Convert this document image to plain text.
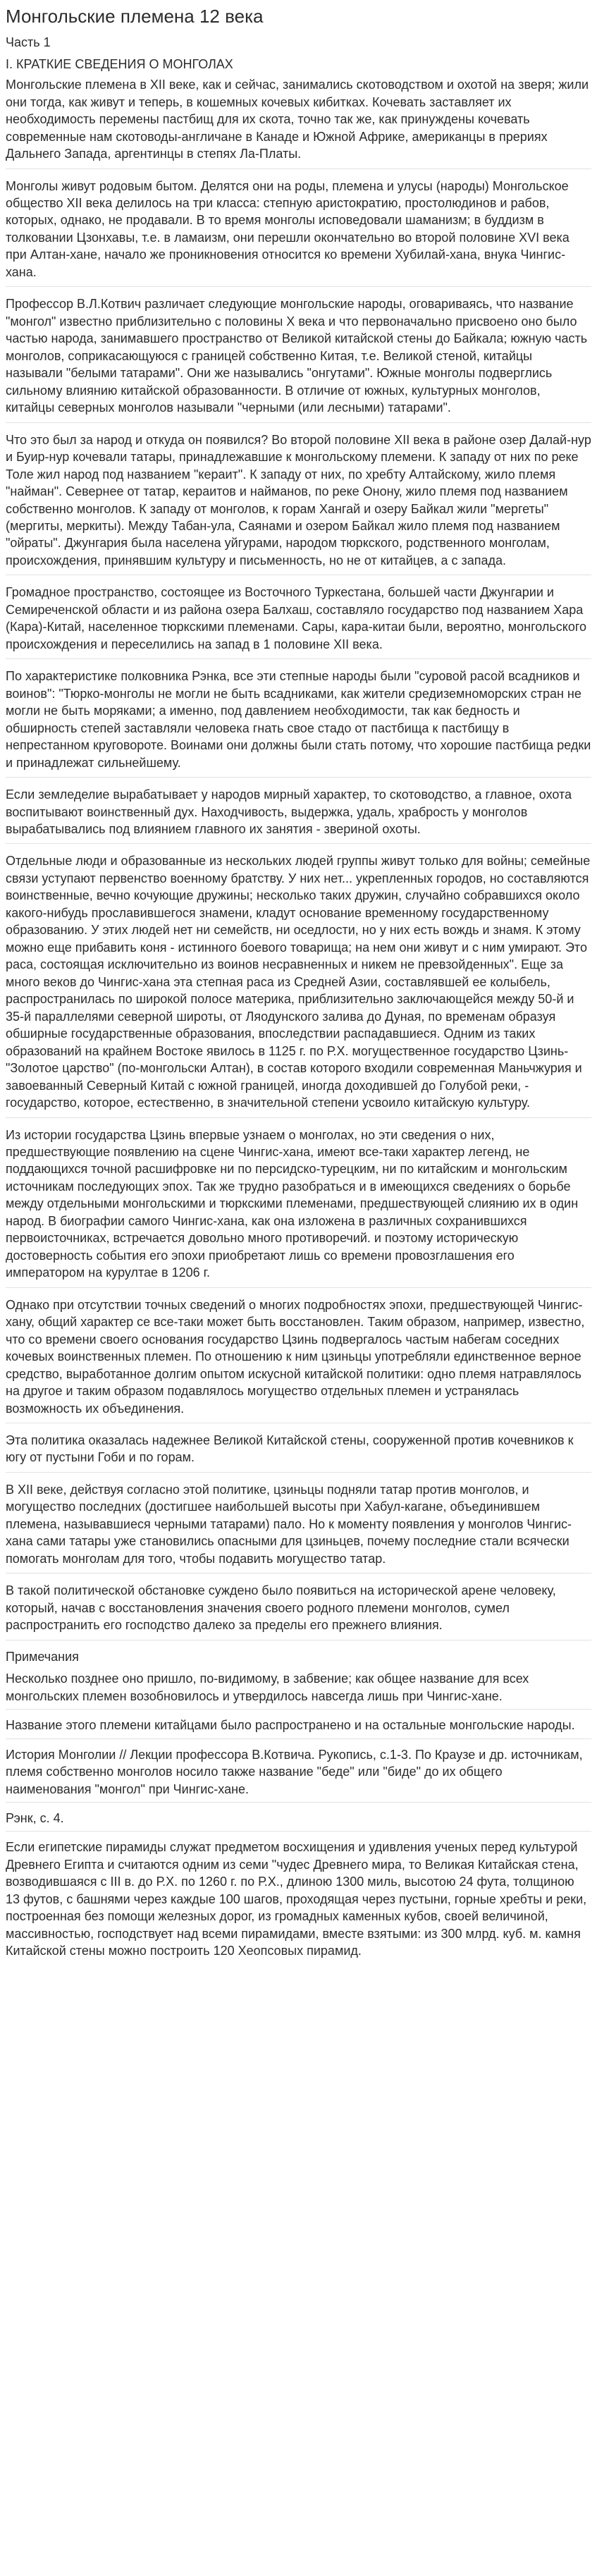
Монгольские племена 12 века
Часть 1
I. КРАТКИЕ СВЕДЕНИЯ О МОНГОЛАХ

Монгольские племена в XII веке, как и сейчас, занимались скотоводством и охотой на зверя; жили они тогда, как живут и теперь, в кошемных кочевых кибитках. Кочевать заставляет их необходимость перемены пастбищ для их скота, точно так же, как принуждены кочевать современные нам скотоводы-англичане в Канаде и Южной Африке, американцы в прериях Дальнего Запада, аргентинцы в степях Ла-Платы.

Монголы живут родовым бытом. Делятся они на роды, племена и улусы (народы) Монгольское общество XII века делилось на три класса: степную аристократию, простолюдинов и рабов, которых, однако, не продавали. В то время монголы исповедовали шаманизм; в буддизм в толковании Цзонхавы, т.е. в ламаизм, они перешли окончательно во второй половине XVI века при Алтан-хане, начало же проникновения относится ко времени Хубилай-хана, внука Чингис-хана.

Профессор В.Л.Котвич различает следующие монгольские народы, оговариваясь, что название "монгол" известно приблизительно с половины X века и что первоначально присвоено оно было частью народа, занимавшего пространство от Великой китайской стены до Байкала; южную часть монголов, соприкасающуюся с границей собственно Китая, т.е. Великой стеной, китайцы называли "белыми татарами". Они же назывались "онгутами". Южные монголы подверглись сильному влиянию китайской образованности. В отличие от южных, культурных монголов, китайцы северных монголов называли "черными (или лесными) татарами".

Что это был за народ и откуда он появился? Во второй половине XII века в районе озер Далай-нур и Буир-нур кочевали татары, принадлежавшие к монгольскому племени. К западу от них по реке Толе жил народ под названием "кераит". К западу от них, по хребту Алтайскому, жило племя "найман". Севернее от татар, кераитов и найманов, по реке Онону, жило племя под названием собственно монголов. К западу от монголов, к горам Хангай и озеру Байкал жили "мергеты" (мергиты, меркиты). Между Табан-ула, Саянами и озером Байкал жило племя под названием "ойраты". Джунгария была населена уйгурами, народом тюркского, родственного монголам, происхождения, принявшим культуру и письменность, но не от китайцев, а с запада.

Громадное пространство, состоящее из Восточного Туркестана, большей части Джунгарии и Семиреченской области и из района озера Балхаш, составляло государство под названием Хара (Кара)-Китай, населенное тюркскими племенами. Сары, кара-китаи были, вероятно, монгольского происхождения и переселились на запад в 1 половине XII века.

По характеристике полковника Рэнка, все эти степные народы были "суровой расой всадников и воинов": "Тюрко-монголы не могли не быть всадниками, как жители средиземноморских стран не могли не быть моряками; а именно, под давлением необходимости, так как бедность и обширность степей заставляли человека гнать свое стадо от пастбища к пастбищу в непрестанном круговороте. Воинами они должны были стать потому, что хорошие пастбища редки и принадлежат сильнейшему.

Если земледелие вырабатывает у народов мирный характер, то скотоводство, а главное, охота воспитывают воинственный дух. Находчивость, выдержка, удаль, храбрость у монголов вырабатывались под влиянием главного их занятия - звериной охоты.

Отдельные люди и образованные из нескольких людей группы живут только для войны; семейные связи уступают первенство военному братству. У них нет... укрепленных городов, но составляются воинственные, вечно кочующие дружины; несколько таких дружин, случайно собравшихся около какого-нибудь прославившегося знамени, кладут основание временному государственному образованию. У этих людей нет ни семейств, ни оседлости, но у них есть вождь и знамя. К этому можно еще прибавить коня - истинного боевого товарища; на нем они живут и с ним умирают. Это раса, состоящая исключительно из воинов несравненных и никем не превзойденных". Еще за много веков до Чингис-хана эта степная раса из Средней Азии, составлявшей ее колыбель, распространилась по широкой полосе материка, приблизительно заключающейся между 50-й и 35-й параллелями северной широты, от Ляодунского залива до Дуная, по временам образуя обширные государственные образования, впоследствии распадавшиеся. Одним из таких образований на крайнем Востоке явилось в 1125 г. по Р.Х. могущественное государство Цзинь-"Золотое царство" (по-монгольски Алтан), в состав которого входили современная Маньчжурия и завоеванный Северный Китай с южной границей, иногда доходившей до Голубой реки, - государство, которое, естественно, в значительной степени усвоило китайскую культуру.

Из истории государства Цзинь впервые узнаем о монголах, но эти сведения о них, предшествующие появлению на сцене Чингис-хана, имеют все-таки характер легенд, не поддающихся точной расшифровке ни по персидско-турецким, ни по китайским и монгольским источникам последующих эпох. Так же трудно разобраться и в имеющихся сведениях о борьбе между отдельными монгольскими и тюркскими племенами, предшествующей слиянию их в один народ. В биографии самого Чингис-хана, как она изложена в различных сохранившихся первоисточниках, встречается довольно много противоречий. и поэтому историческую достоверность события его эпохи приобретают лишь со времени провозглашения его императором на курултае в 1206 г.

Однако при отсутствии точных сведений о многих подробностях эпохи, предшествующей Чингис-хану, общий характер се все-таки может быть восстановлен. Таким образом, например, известно, что со времени своего основания государство Цзинь подвергалось частым набегам соседних кочевых воинственных племен. По отношению к ним цзиньцы употребляли единственное верное средство, выработанное долгим опытом искусной китайской политики: одно племя натравлялось на другое и таким образом подавлялось могущество отдельных племен и устранялась возможность их объединения.

Эта политика оказалась надежнее Великой Китайской стены, сооруженной против кочевников к югу от пустыни Гоби и по горам.

В XII веке, действуя согласно этой политике, цзиньцы подняли татар против монголов, и могущество последних (достигшее наибольшей высоты при Хабул-кагане, объединившем племена, называвшиеся черными татарами) пало. Но к моменту появления у монголов Чингис-хана сами татары уже становились опасными для цзиньцев, почему последние стали всячески помогать монголам для того, чтобы подавить могущество татар.

В такой политической обстановке суждено было появиться на исторической арене человеку, который, начав с восстановления значения своего родного племени монголов, сумел распространить его господство далеко за пределы его прежнего влияния.

Примечания

Несколько позднее оно пришло, по-видимому, в забвение; как общее название для всех монгольских племен возобновилось и утвердилось навсегда лишь при Чингис-хане.

Название этого племени китайцами было распространено и на остальные монгольские народы.

История Монголии // Лекции профессора В.Котвича. Рукопись, с.1-3. По Краузе и др. источникам, племя собственно монголов носило также название "беде" или "биде" до их общего наименования "монгол" при Чингис-хане.

Рэнк, с. 4.

Если египетские пирамиды служат предметом восхищения и удивления ученых перед культурой Древнего Египта и считаются одним из семи "чудес Древнего мира, то Великая Китайская стена, возводившаяся с III в. до Р.Х. по 1260 г. по Р.Х., длиною 1300 миль, высотою 24 фута, толщиною 13 футов, с башнями через каждые 100 шагов, проходящая через пустыни, горные хребты и реки, построенная без помощи железных дорог, из громадных каменных кубов, своей величиной, массивностью, господствует над всеми пирамидами, вместе взятыми: из 300 млрд. куб. м. камня Китайской стены можно построить 120 Хеопсовых пирамид.
